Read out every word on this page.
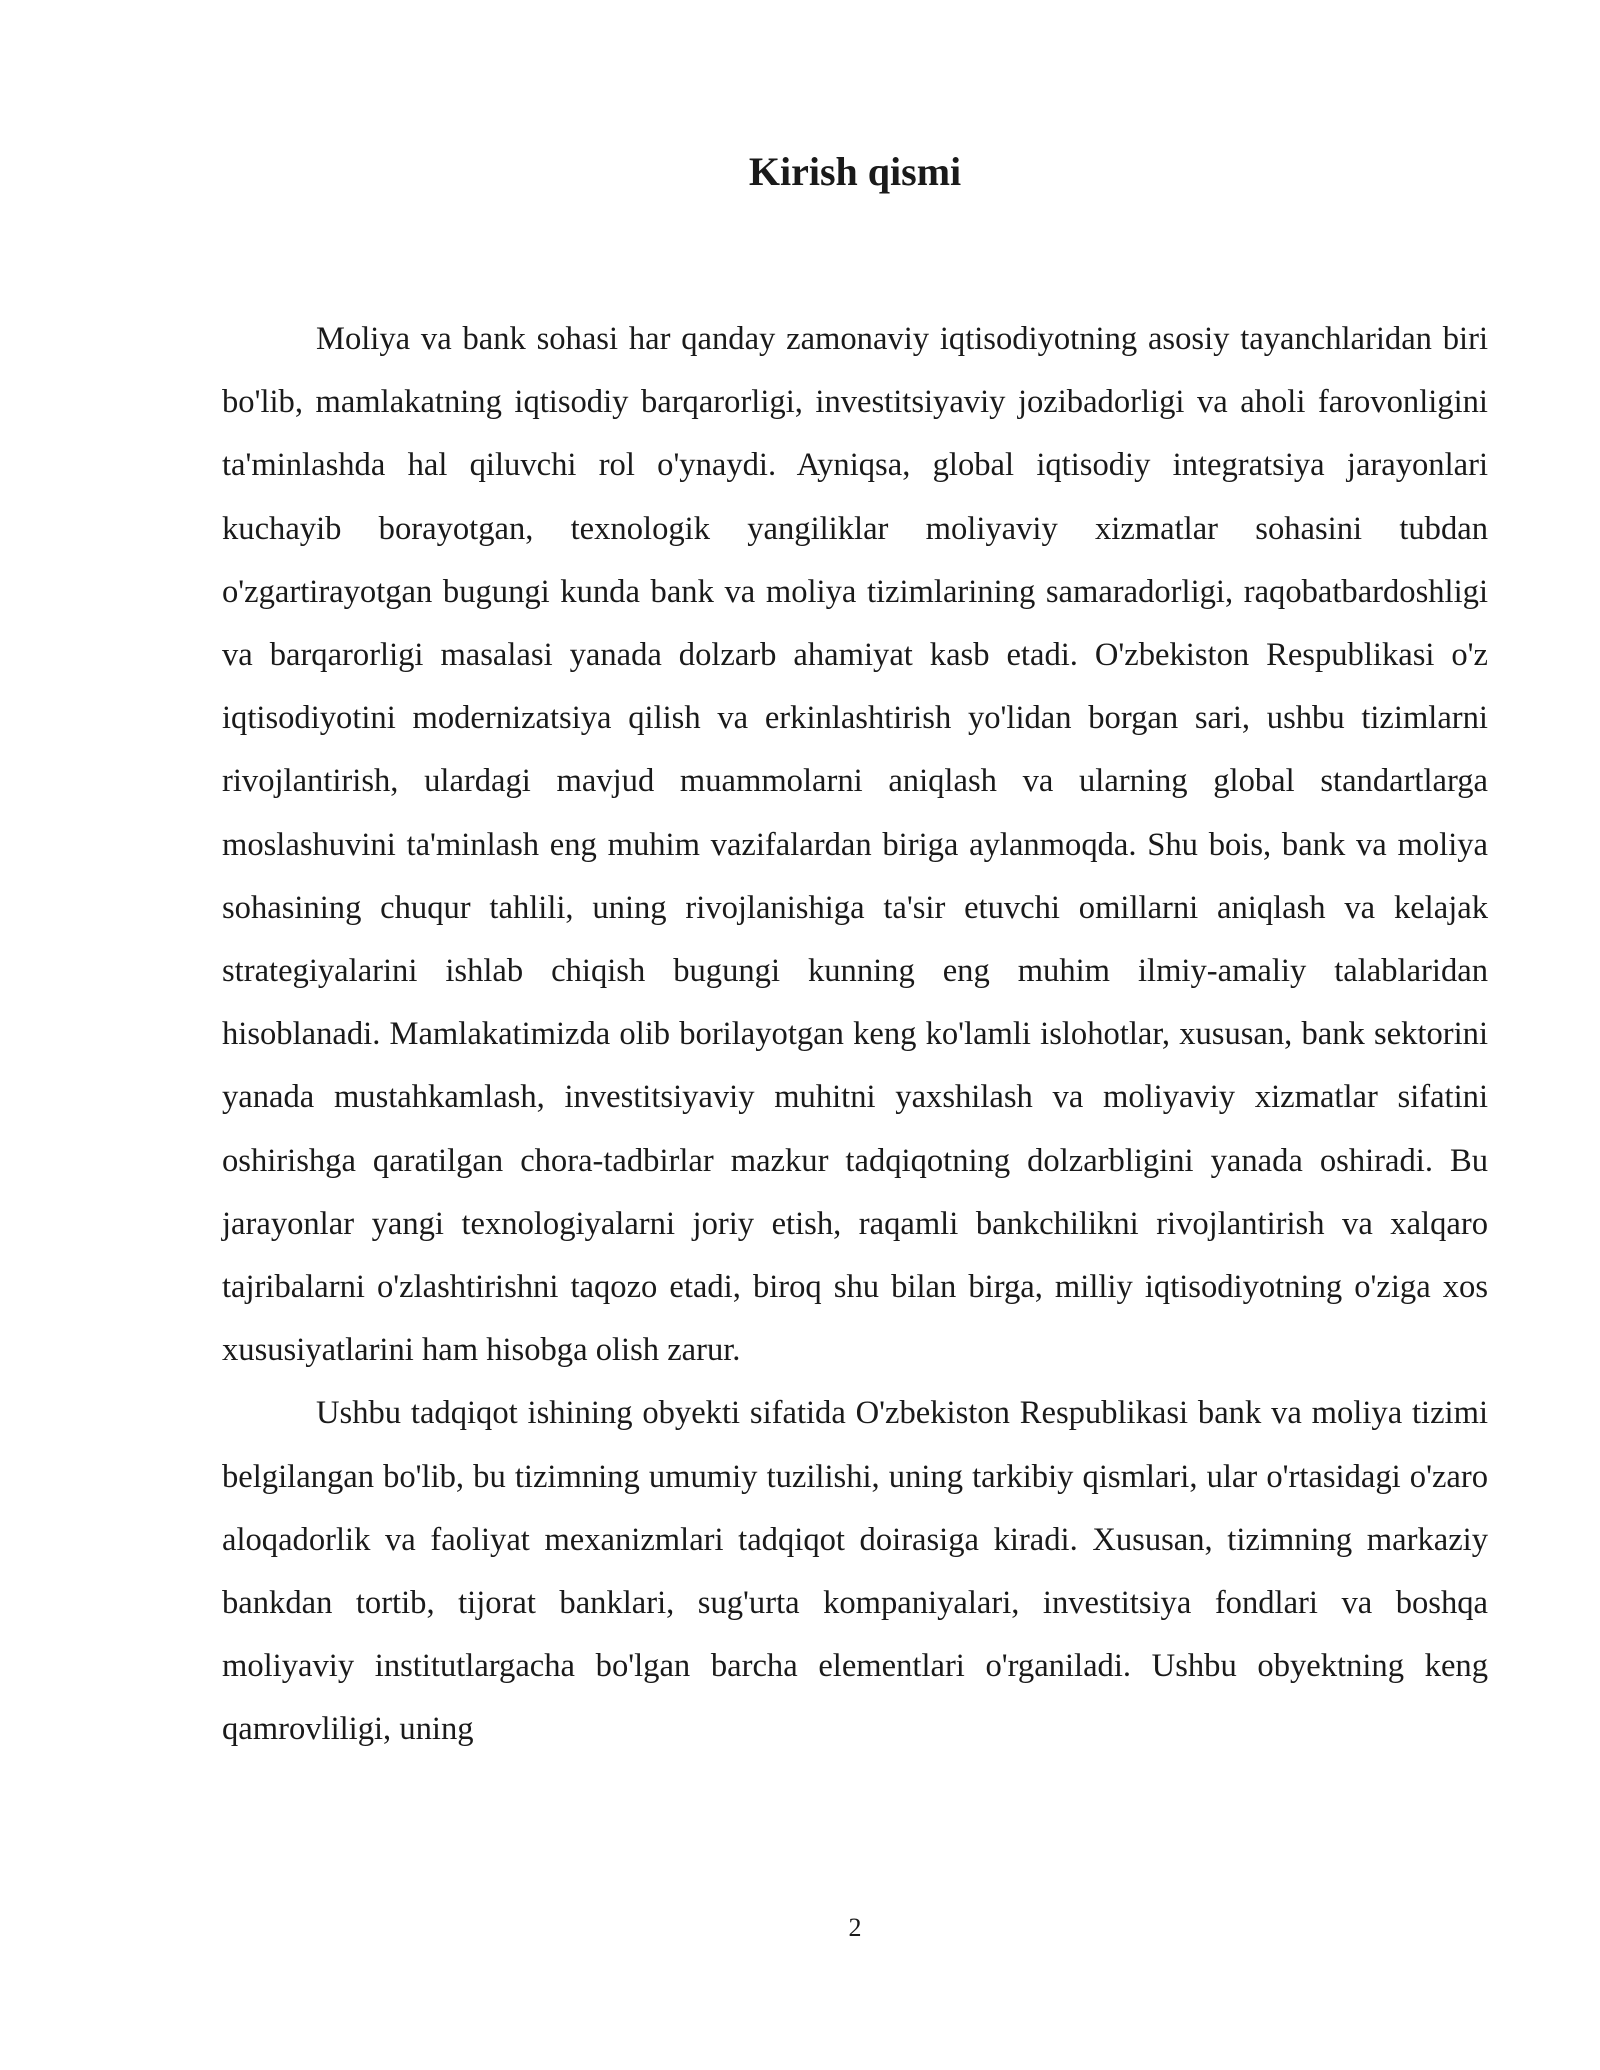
Kirish qismi

Moliya va bank sohasi har qanday zamonaviy iqtisodiyotning asosiy tayanchlaridan biri bo'lib, mamlakatning iqtisodiy barqarorligi, investitsiyaviy jozibadorligi va aholi farovonligini ta'minlashda hal qiluvchi rol o'ynaydi. Ayniqsa, global iqtisodiy integratsiya jarayonlari kuchayib borayotgan, texnologik yangiliklar moliyaviy xizmatlar sohasini tubdan o'zgartirayotgan bugungi kunda bank va moliya tizimlarining samaradorligi, raqobatbardoshligi va barqarorligi masalasi yanada dolzarb ahamiyat kasb etadi. O'zbekiston Respublikasi o'z iqtisodiyotini modernizatsiya qilish va erkinlashtirish yo'lidan borgan sari, ushbu tizimlarni rivojlantirish, ulardagi mavjud muammolarni aniqlash va ularning global standartlarga moslashuvini ta'minlash eng muhim vazifalardan biriga aylanmoqda. Shu bois, bank va moliya sohasining chuqur tahlili, uning rivojlanishiga ta'sir etuvchi omillarni aniqlash va kelajak strategiyalarini ishlab chiqish bugungi kunning eng muhim ilmiy-amaliy talablaridan hisoblanadi. Mamlakatimizda olib borilayotgan keng ko'lamli islohotlar, xususan, bank sektorini yanada mustahkamlash, investitsiyaviy muhitni yaxshilash va moliyaviy xizmatlar sifatini oshirishga qaratilgan chora-tadbirlar mazkur tadqiqotning dolzarbligini yanada oshiradi. Bu jarayonlar yangi texnologiyalarni joriy etish, raqamli bankchilikni rivojlantirish va xalqaro tajribalarni o'zlashtirishni taqozo etadi, biroq shu bilan birga, milliy iqtisodiyotning o'ziga xos xususiyatlarini ham hisobga olish zarur.

Ushbu tadqiqot ishining obyekti sifatida O'zbekiston Respublikasi bank va moliya tizimi belgilangan bo'lib, bu tizimning umumiy tuzilishi, uning tarkibiy qismlari, ular o'rtasidagi o'zaro aloqadorlik va faoliyat mexanizmlari tadqiqot doirasiga kiradi. Xususan, tizimning markaziy bankdan tortib, tijorat banklari, sug'urta kompaniyalari, investitsiya fondlari va boshqa moliyaviy institutlargacha bo'lgan barcha elementlari o'rganiladi. Ushbu obyektning keng qamrovliligi, uning

2
